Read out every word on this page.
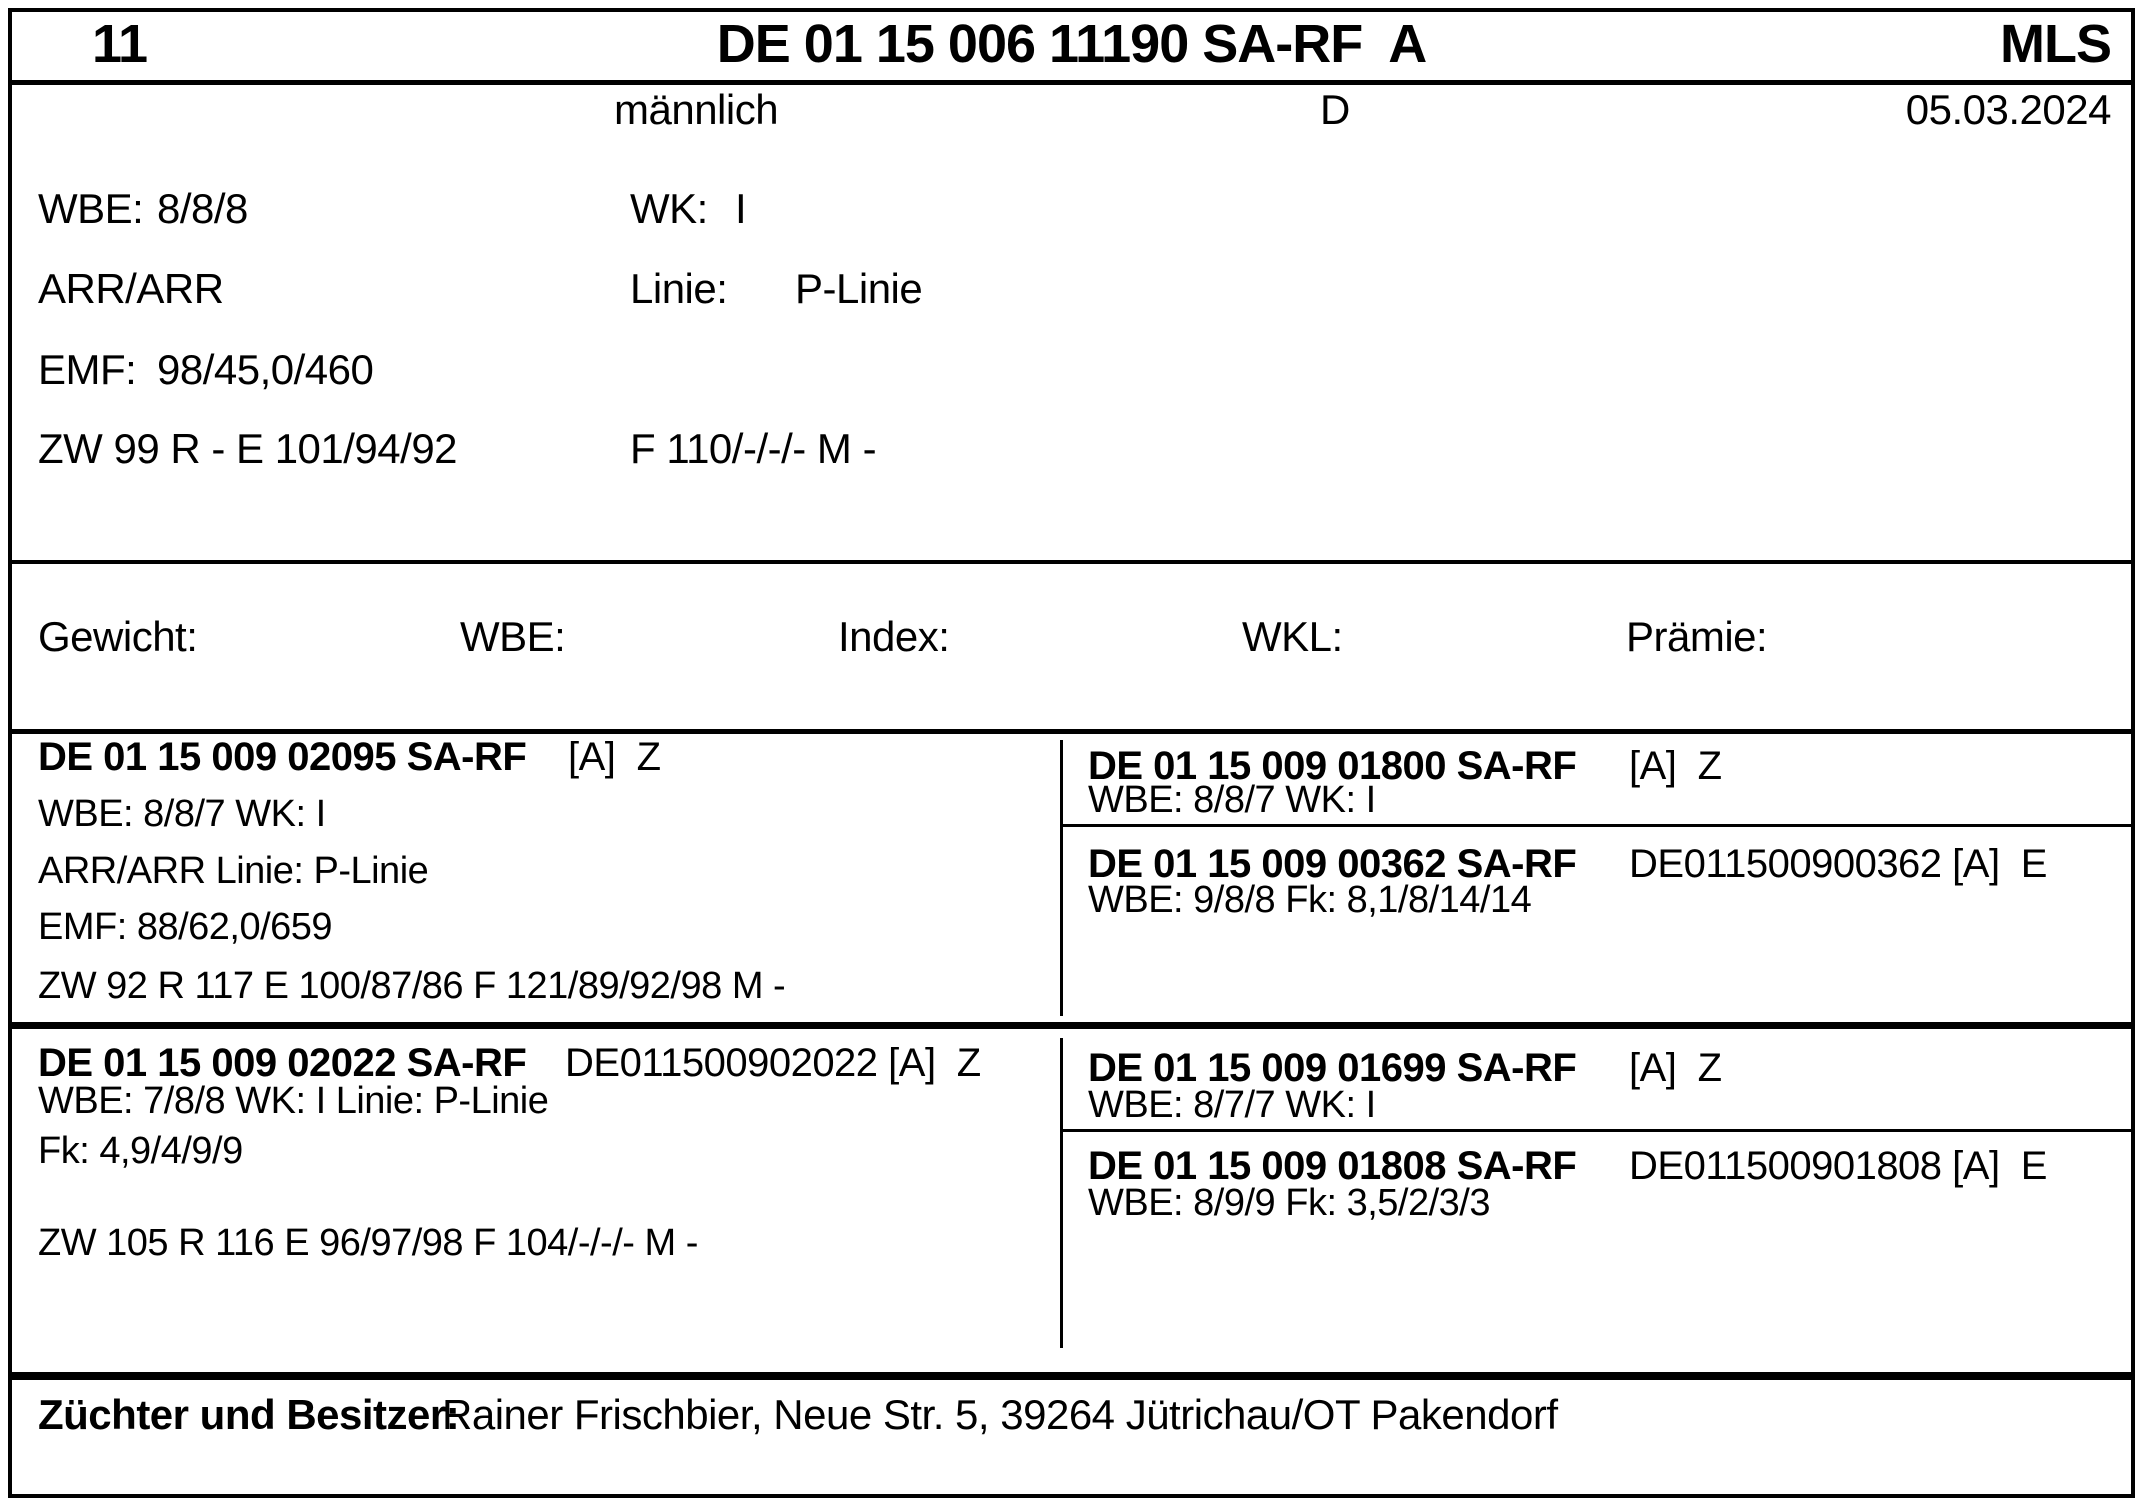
11	DE 01 15 006 11190 SA-RF  A	MLS
männlich	D	05.03.2024
WBE: 8/8/8	WK: I
ARR/ARR	Linie: P-Linie
EMF: 98/45,0/460
ZW 99 R - E 101/94/92	F 110/-/-/- M -
Gewicht:	WBE:	Index:	WKL:	Prämie:
DE 01 15 009 02095 SA-RF [A]  Z
WBE: 8/8/7 WK: I
ARR/ARR Linie: P-Linie
EMF: 88/62,0/659
ZW 92 R 117 E 100/87/86 F 121/89/92/98 M -
DE 01 15 009 01800 SA-RF [A]  Z
WBE: 8/8/7 WK: I
DE 01 15 009 00362 SA-RF DE011500900362 [A]  E
WBE: 9/8/8 Fk: 8,1/8/14/14
DE 01 15 009 02022 SA-RF DE011500902022 [A]  Z
WBE: 7/8/8 WK: I Linie: P-Linie
Fk: 4,9/4/9/9
ZW 105 R 116 E 96/97/98 F 104/-/-/- M -
DE 01 15 009 01699 SA-RF [A]  Z
WBE: 8/7/7 WK: I
DE 01 15 009 01808 SA-RF DE011500901808 [A]  E
WBE: 8/9/9 Fk: 3,5/2/3/3
Züchter und Besitzer:
Rainer Frischbier, Neue Str. 5, 39264 Jütrichau/OT Pakendorf
